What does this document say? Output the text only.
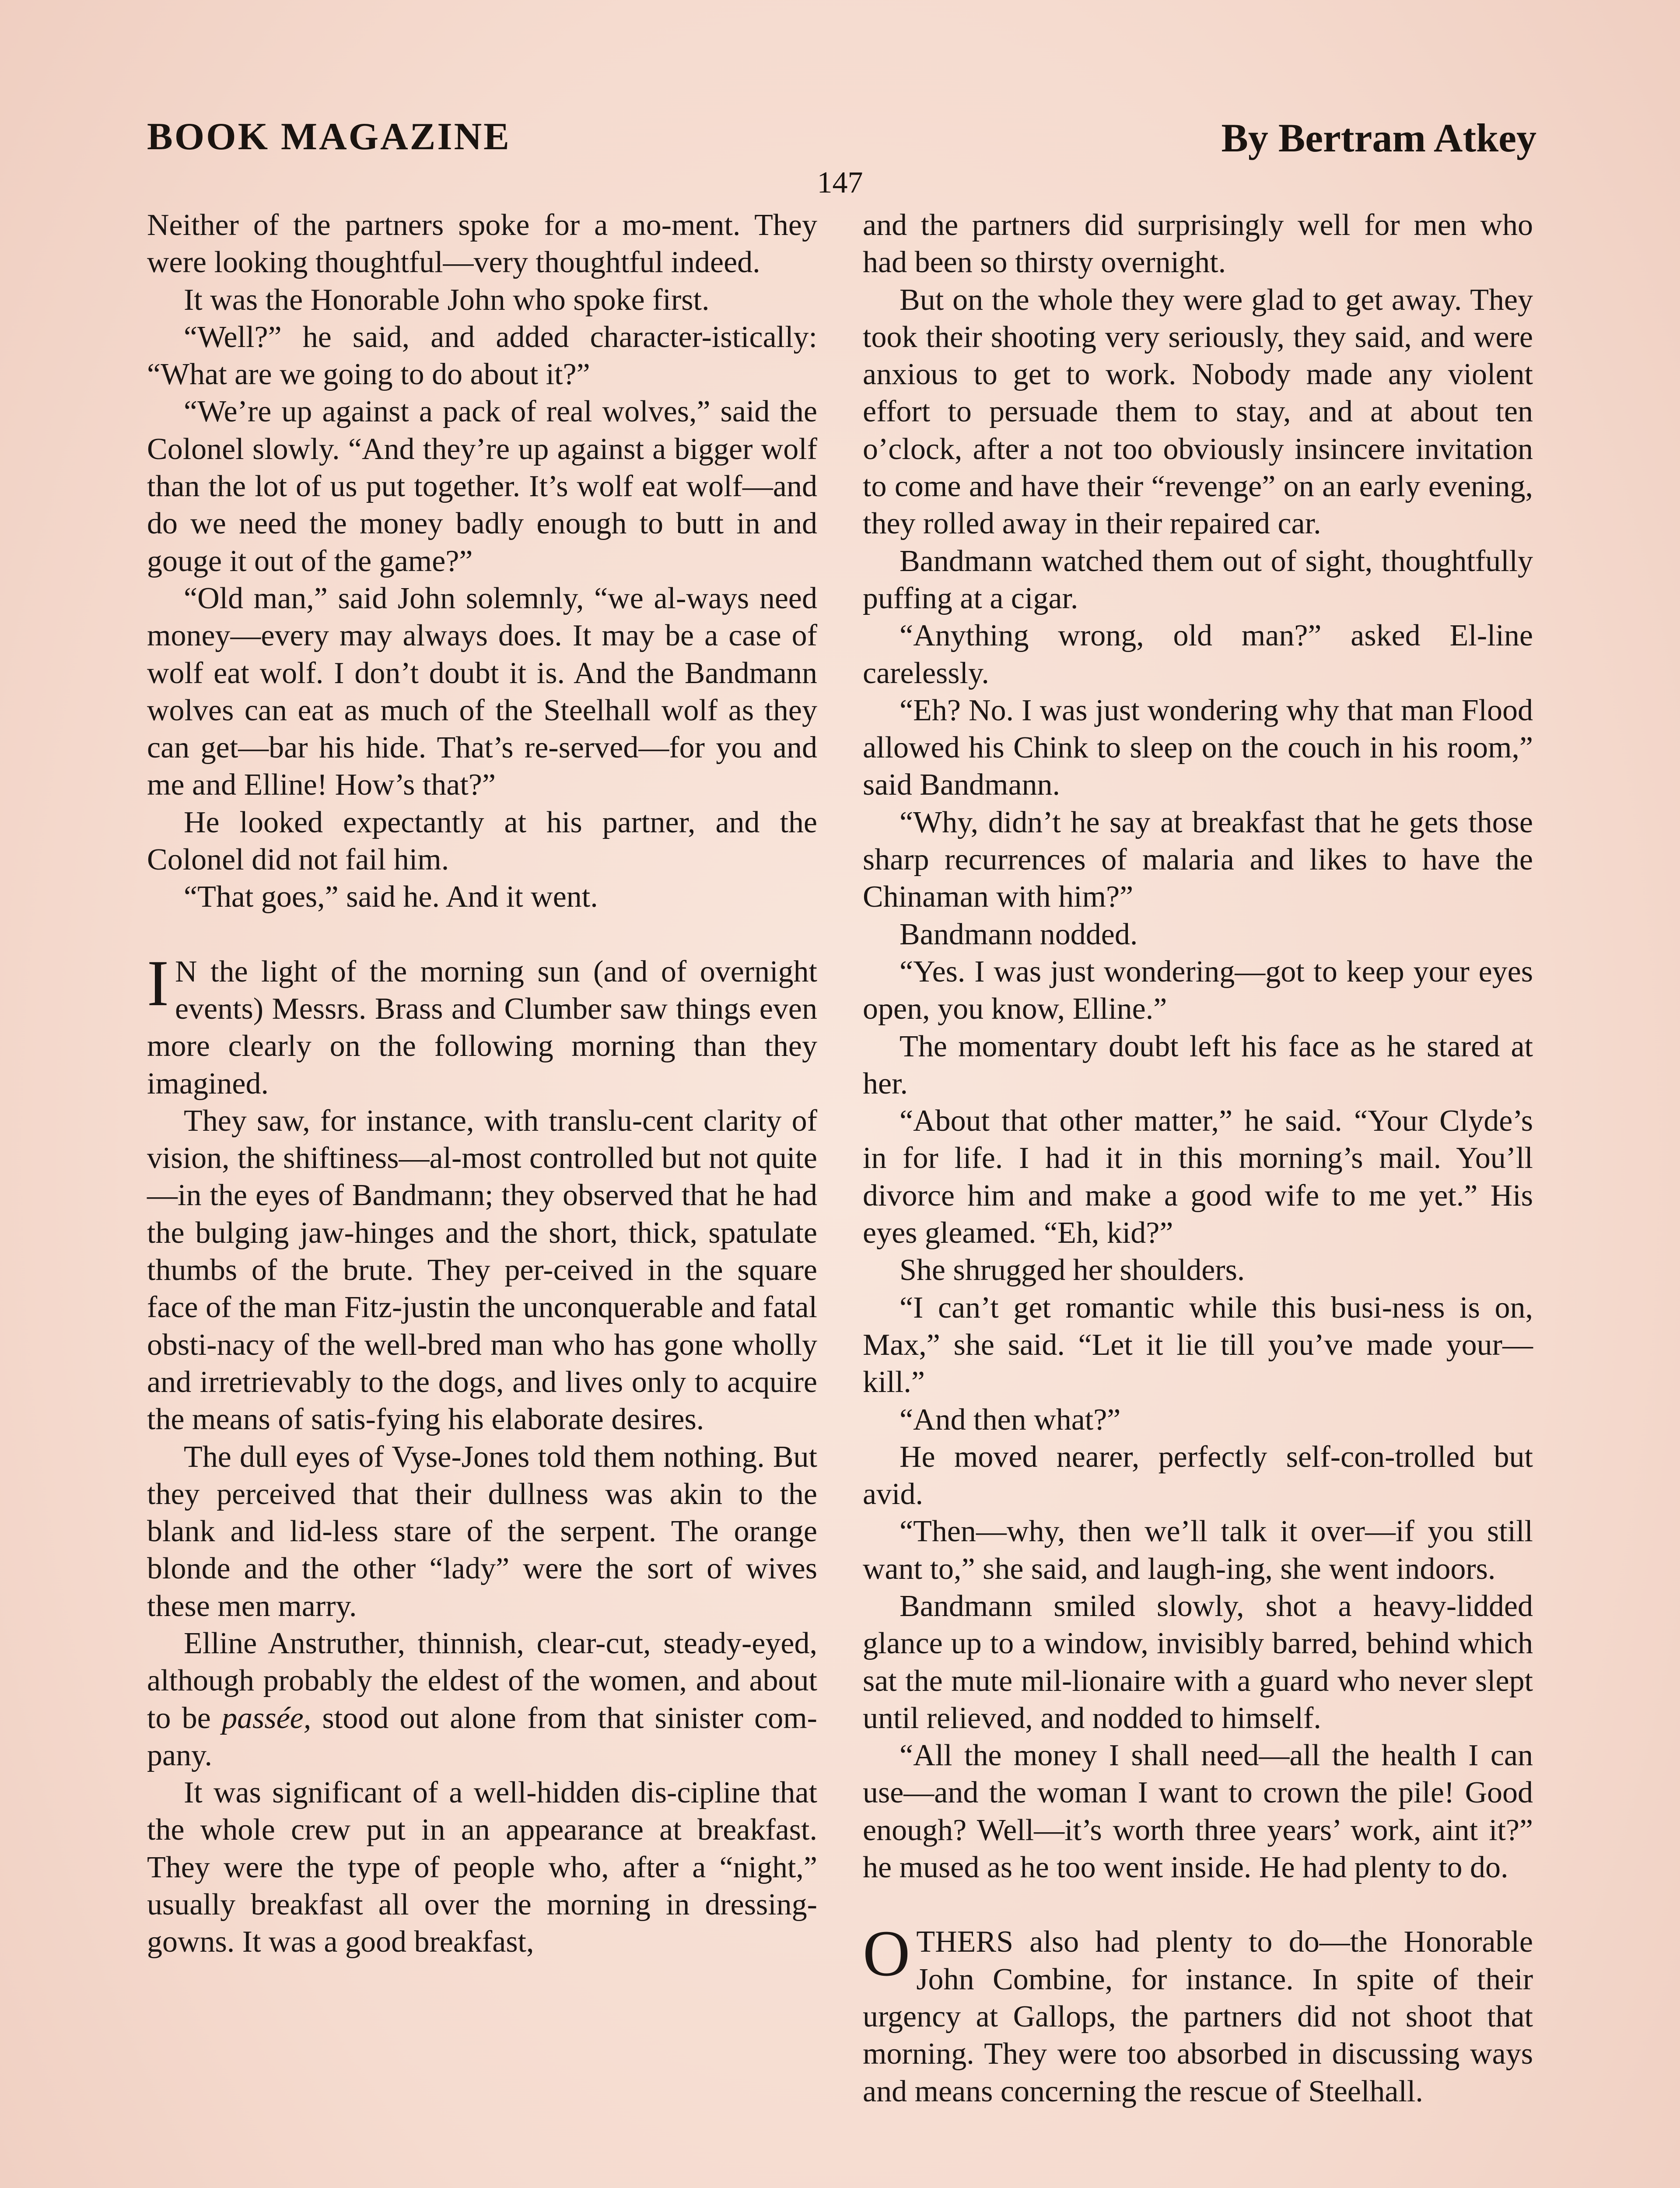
BOOK MAGAZINE	By Bertram Atkey
147

Neither of the partners spoke for a mo-ment. They were looking thoughtful—very thoughtful indeed.

It was the Honorable John who spoke first.

“Well?” he said, and added character-istically: “What are we going to do about it?”

“We’re up against a pack of real wolves,” said the Colonel slowly. “And they’re up against a bigger wolf than the lot of us put together. It’s wolf eat wolf—and do we need the money badly enough to butt in and gouge it out of the game?”

“Old man,” said John solemnly, “we al-ways need money—every may always does. It may be a case of wolf eat wolf. I don’t doubt it is. And the Bandmann wolves can eat as much of the Steelhall wolf as they can get—bar his hide. That’s re-served—for you and me and Elline! How’s that?”

He looked expectantly at his partner, and the Colonel did not fail him.

“That goes,” said he. And it went.

I N the light of the morning sun (and of overnight events) Messrs. Brass and Clumber saw things even more clearly on the following morning than they imagined.

They saw, for instance, with translu-cent clarity of vision, the shiftiness—al-most controlled but not quite—in the eyes of Bandmann; they observed that he had the bulging jaw-hinges and the short, thick, spatulate thumbs of the brute. They per-ceived in the square face of the man Fitz-justin the unconquerable and fatal obsti-nacy of the well-bred man who has gone wholly and irretrievably to the dogs, and lives only to acquire the means of satis-fying his elaborate desires.

The dull eyes of Vyse-Jones told them nothing. But they perceived that their dullness was akin to the blank and lid-less stare of the serpent. The orange blonde and the other “lady” were the sort of wives these men marry.

Elline Anstruther, thinnish, clear-cut, steady-eyed, although probably the eldest of the women, and about to be passée, stood out alone from that sinister com-pany.

It was significant of a well-hidden dis-cipline that the whole crew put in an appearance at breakfast. They were the type of people who, after a “night,” usually breakfast all over the morning in dressing-gowns. It was a good breakfast,

and the partners did surprisingly well for men who had been so thirsty overnight.

But on the whole they were glad to get away. They took their shooting very seriously, they said, and were anxious to get to work. Nobody made any violent effort to persuade them to stay, and at about ten o’clock, after a not too obviously insincere invitation to come and have their “revenge” on an early evening, they rolled away in their repaired car.

Bandmann watched them out of sight, thoughtfully puffing at a cigar.

“Anything wrong, old man?” asked El-line carelessly.

“Eh? No. I was just wondering why that man Flood allowed his Chink to sleep on the couch in his room,” said Bandmann.

“Why, didn’t he say at breakfast that he gets those sharp recurrences of malaria and likes to have the Chinaman with him?”

Bandmann nodded.

“Yes. I was just wondering—got to keep your eyes open, you know, Elline.”

The momentary doubt left his face as he stared at her.

“About that other matter,” he said. “Your Clyde’s in for life. I had it in this morning’s mail. You’ll divorce him and make a good wife to me yet.” His eyes gleamed. “Eh, kid?”

She shrugged her shoulders.

“I can’t get romantic while this busi-ness is on, Max,” she said. “Let it lie till you’ve made your—kill.”

“And then what?”

He moved nearer, perfectly self-con-trolled but avid.

“Then—why, then we’ll talk it over—if you still want to,” she said, and laugh-ing, she went indoors.

Bandmann smiled slowly, shot a heavy-lidded glance up to a window, invisibly barred, behind which sat the mute mil-lionaire with a guard who never slept until relieved, and nodded to himself.

“All the money I shall need—all the health I can use—and the woman I want to crown the pile! Good enough? Well—it’s worth three years’ work, aint it?” he mused as he too went inside. He had plenty to do.

OTHERS also had plenty to do—the Honorable John Combine, for instance. In spite of their urgency at Gallops, the partners did not shoot that morning. They were too absorbed in discussing ways and means concerning the rescue of Steelhall.
